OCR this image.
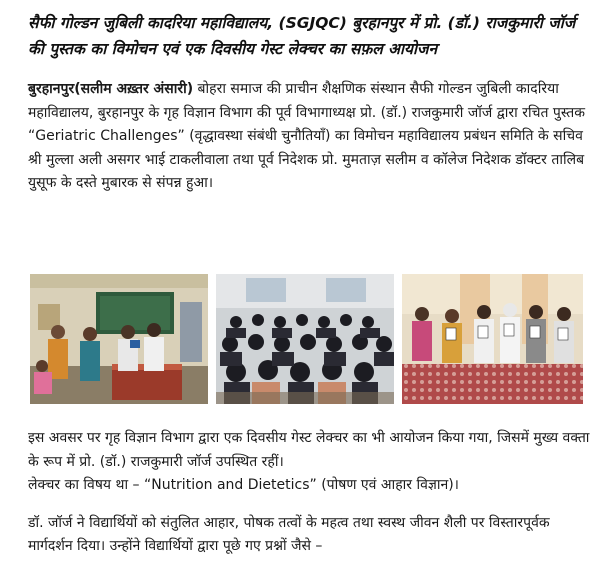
सैफी गोल्डन जुबिली कादरिया महाविद्यालय, (SGJQC) बुरहानपुर में प्रो. (डॉ.) राजकुमारी जॉर्ज की पुस्तक का विमोचन एवं एक दिवसीय गेस्ट लेक्चर का सफ़ल आयोजन

बुरहानपुर(सलीम अख़्तर अंसारी) बोहरा समाज की प्राचीन शैक्षणिक संस्थान सैफी गोल्डन जुबिली कादरिया महाविद्यालय, बुरहानपुर के गृह विज्ञान विभाग की पूर्व विभागाध्यक्ष प्रो. (डॉ.) राजकुमारी जॉर्ज द्वारा रचित पुस्तक “Geriatric Challenges” (वृद्धावस्था संबंधी चुनौतियाँ) का विमोचन महाविद्यालय प्रबंधन समिति के सचिव श्री मुल्ला अली असगर भाई टाकलीवाला तथा पूर्व निदेशक प्रो. मुमताज़ सलीम व कॉलेज निदेशक डॉक्टर तालिब युसूफ के दस्ते मुबारक से संपन्न हुआ।

इस अवसर पर गृह विज्ञान विभाग द्वारा एक दिवसीय गेस्ट लेक्चर का भी आयोजन किया गया, जिसमें मुख्य वक्ता के रूप में प्रो. (डॉ.) राजकुमारी जॉर्ज उपस्थित रहीं।
लेक्चर का विषय था – “Nutrition and Dietetics” (पोषण एवं आहार विज्ञान)।

डॉ. जॉर्ज ने विद्यार्थियों को संतुलित आहार, पोषक तत्वों के महत्व तथा स्वस्थ जीवन शैली पर विस्तारपूर्वक मार्गदर्शन दिया। उन्होंने विद्यार्थियों द्वारा पूछे गए प्रश्नों जैसे –
